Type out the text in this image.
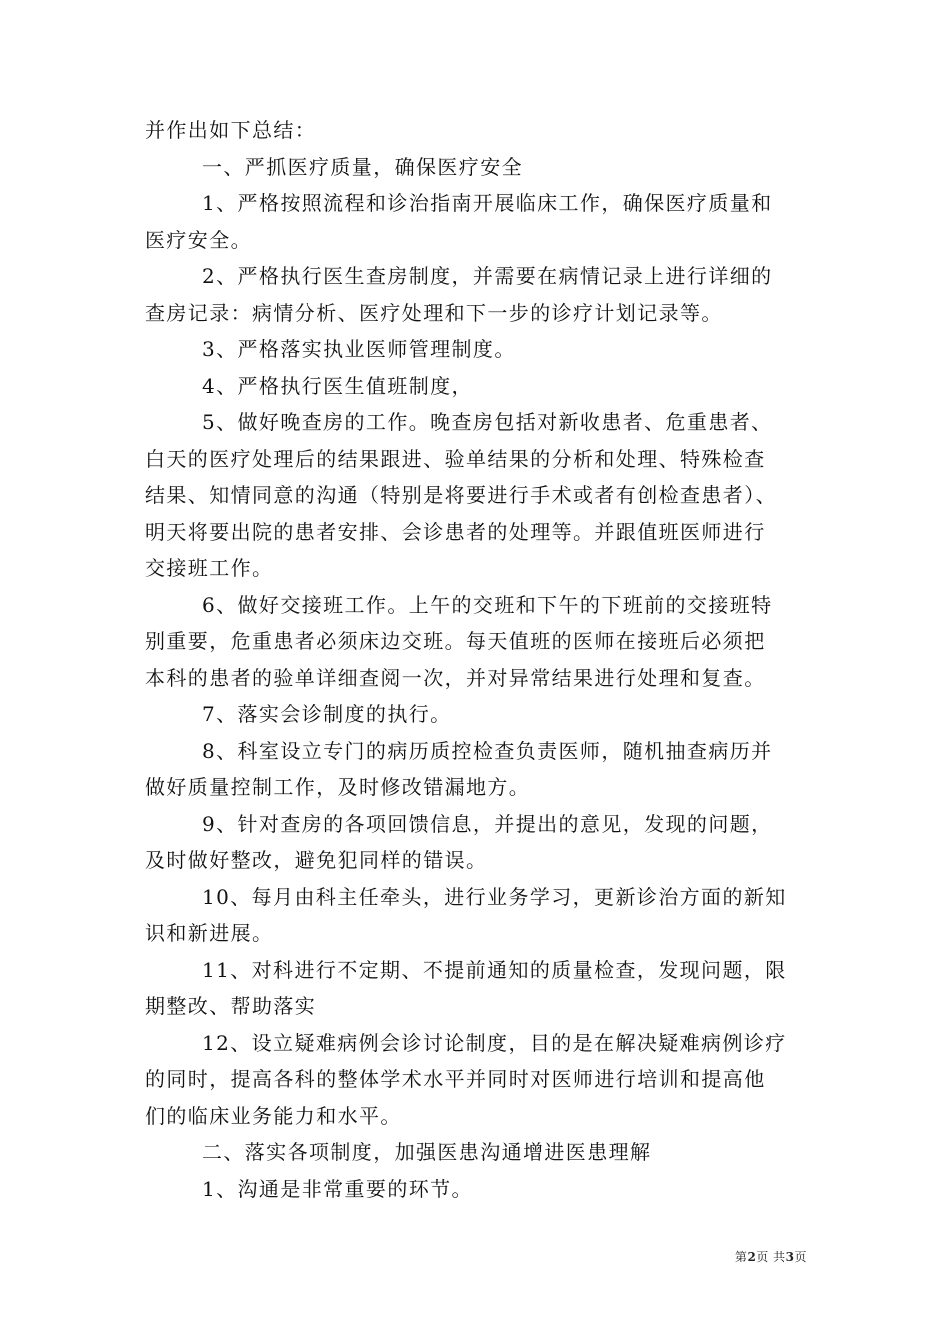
并作出如下总结：
一、严抓医疗质量，确保医疗安全
1、严格按照流程和诊治指南开展临床工作，确保医疗质量和
医疗安全。
2、严格执行医生查房制度，并需要在病情记录上进行详细的
查房记录：病情分析、医疗处理和下一步的诊疗计划记录等。
3、严格落实执业医师管理制度。
4、严格执行医生值班制度，
5、做好晚查房的工作。晚查房包括对新收患者、危重患者、
白天的医疗处理后的结果跟进、验单结果的分析和处理、特殊检查
结果、知情同意的沟通（特别是将要进行手术或者有创检查患者）、
明天将要出院的患者安排、会诊患者的处理等。并跟值班医师进行
交接班工作。
6、做好交接班工作。上午的交班和下午的下班前的交接班特
别重要，危重患者必须床边交班。每天值班的医师在接班后必须把
本科的患者的验单详细查阅一次，并对异常结果进行处理和复查。
7、落实会诊制度的执行。
8、科室设立专门的病历质控检查负责医师，随机抽查病历并
做好质量控制工作，及时修改错漏地方。
9、针对查房的各项回馈信息，并提出的意见，发现的问题，
及时做好整改，避免犯同样的错误。
10、每月由科主任牵头，进行业务学习，更新诊治方面的新知
识和新进展。
11、对科进行不定期、不提前通知的质量检查，发现问题，限
期整改、帮助落实
12、设立疑难病例会诊讨论制度，目的是在解决疑难病例诊疗
的同时，提高各科的整体学术水平并同时对医师进行培训和提高他
们的临床业务能力和水平。
二、落实各项制度，加强医患沟通增进医患理解
1、沟通是非常重要的环节。
第2页 共3页
